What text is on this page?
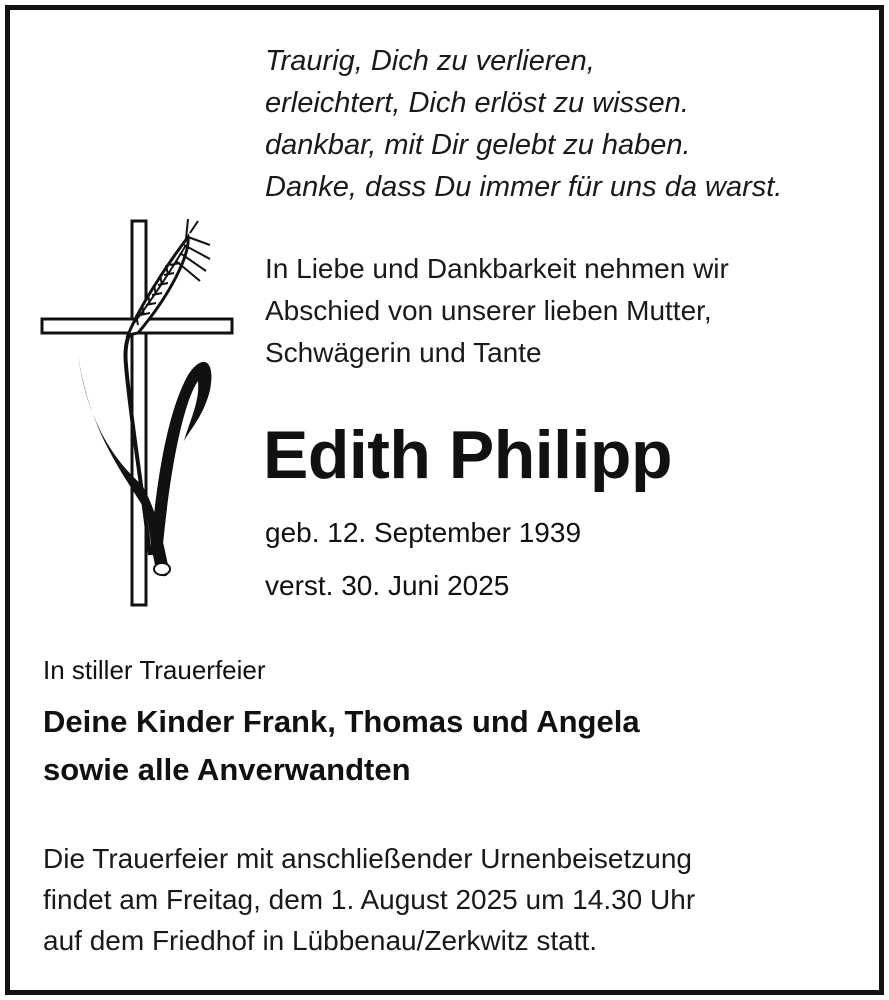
Traurig, Dich zu verlieren,
erleichtert, Dich erlöst zu wissen.
dankbar, mit Dir gelebt zu haben.
Danke, dass Du immer für uns da warst.
In Liebe und Dankbarkeit nehmen wir
Abschied von unserer lieben Mutter,
Schwägerin und Tante
Edith Philipp
geb. 12. September 1939
verst. 30. Juni 2025
In stiller Trauerfeier
Deine Kinder Frank, Thomas und Angela
sowie alle Anverwandten
Die Trauerfeier mit anschließender Urnenbeisetzung
findet am Freitag, dem 1. August 2025 um 14.30 Uhr
auf dem Friedhof in Lübbenau/Zerkwitz statt.
